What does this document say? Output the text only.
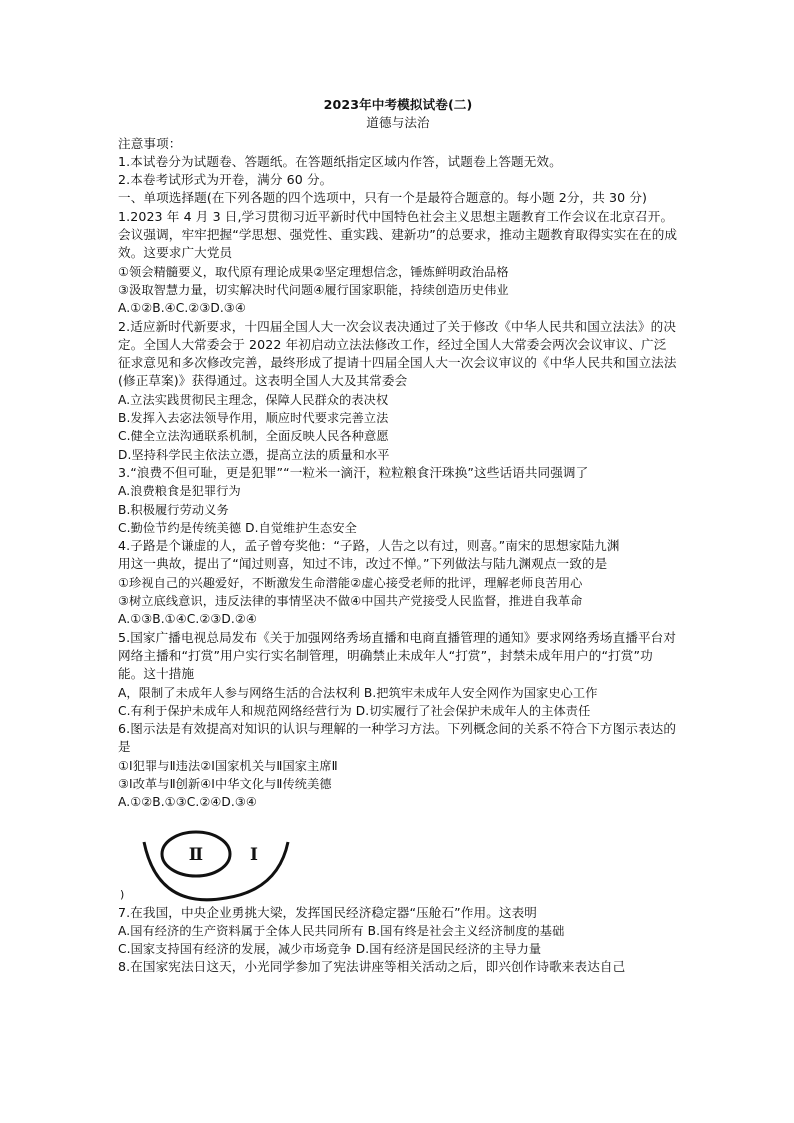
2023年中考模拟试卷(二)

道德与法治

注意事项：

1.本试卷分为试题卷、答题纸。在答题纸指定区域内作答，试题卷上答题无效。

2.本卷考试形式为开卷，满分 60 分。

一、单项选择题(在下列各题的四个选项中，只有一个是最符合题意的。每小题 2分，共 30 分)

1.2023 年 4 月 3 日,学习贯彻习近平新时代中国特色社会主义思想主题教育工作会议在北京召开。会议强调，牢牢把握“学思想、强党性、重实践、建新功”的总要求，推动主题教育取得实实在在的成效。这要求广大党员

①领会精髓要义，取代原有理论成果②坚定理想信念，锤炼鲜明政治品格

③汲取智慧力量，切实解决时代问题④履行国家职能，持续创造历史伟业

A.①②B.④C.②③D.③④

2.适应新时代新要求，十四届全国人大一次会议表决通过了关于修改《中华人民共和国立法法》的决定。全国人大常委会于 2022 年初启动立法法修改工作，经过全国人大常委会两次会议审议、广泛征求意见和多次修改完善，最终形成了提请十四届全国人大一次会议审议的《中华人民共和国立法法(修正草案)》获得通过。这表明全国人大及其常委会

A.立法实践贯彻民主理念，保障人民群众的表决权

B.发挥入去宓法领导作用，顺应时代要求完善立法

C.健全立法沟通联系机制，全面反映人民各种意愿

D.坚持科学民主依法立憑，提高立法的质量和水平

3.“浪费不但可耻，更是犯罪”“一粒米一滴汗，粒粒粮食汗珠换”这些话语共同强调了

A.浪费粮食是犯罪行为

B.积极履行劳动义务

C.勤俭节约是传统美德 D.自觉维护生态安全

4.子路是个谦虚的人，孟子曾夸奖他：“子路，人告之以有过，则喜。”南宋的思想家陆九渊

用这一典故，提出了“闻过则喜，知过不讳，改过不惮。”下列做法与陆九渊观点一致的是

①珍视自己的兴趣爱好，不断激发生命潜能②虚心接受老师的批评，理解老师良苦用心

③树立底线意识，违反法律的事情坚决不做④中国共产党接受人民监督，推进自我革命

A.①③B.①④C.②③D.②④

5.国家广播电视总局发布《关于加强网络秀场直播和电商直播管理的通知》要求网络秀场直播平台对网络主播和“打赏”用户实行实名制管理，明确禁止未成年人“打赏”，封禁未成年用户的“打赏”功能。这十措施

A，限制了未成年人参与网络生活的合法权利 B.把筑牢未成年人安全网作为国家史心工作

C.有利于保护未成年人和规范网络经营行为 D.切实履行了社会保护未成年人的主体责任

6.图示法是有效提高对知识的认识与理解的一种学习方法。下列概念间的关系不符合下方图示表达的是

①Ⅰ犯罪与Ⅱ违法②Ⅰ国家机关与Ⅱ国家主席Ⅱ

③Ⅰ改革与Ⅱ创新④Ⅰ中华文化与Ⅱ传统美德

A.①②B.①③C.②④D.③④

Ⅱ	Ⅰ
)

7.在我国，中央企业勇挑大梁，发挥国民经济稳定器“压舱石”作用。这表明

A.国有经济的生产资料属于全体人民共同所有 B.国有终是社会主义经济制度的基础

C.国家支持国有经济的发展，减少市场竞争 D.国有经济是国民经济的主导力量

8.在国家宪法日这天，小光同学参加了宪法讲座等相关活动之后，即兴创作诗歌来表达自己
